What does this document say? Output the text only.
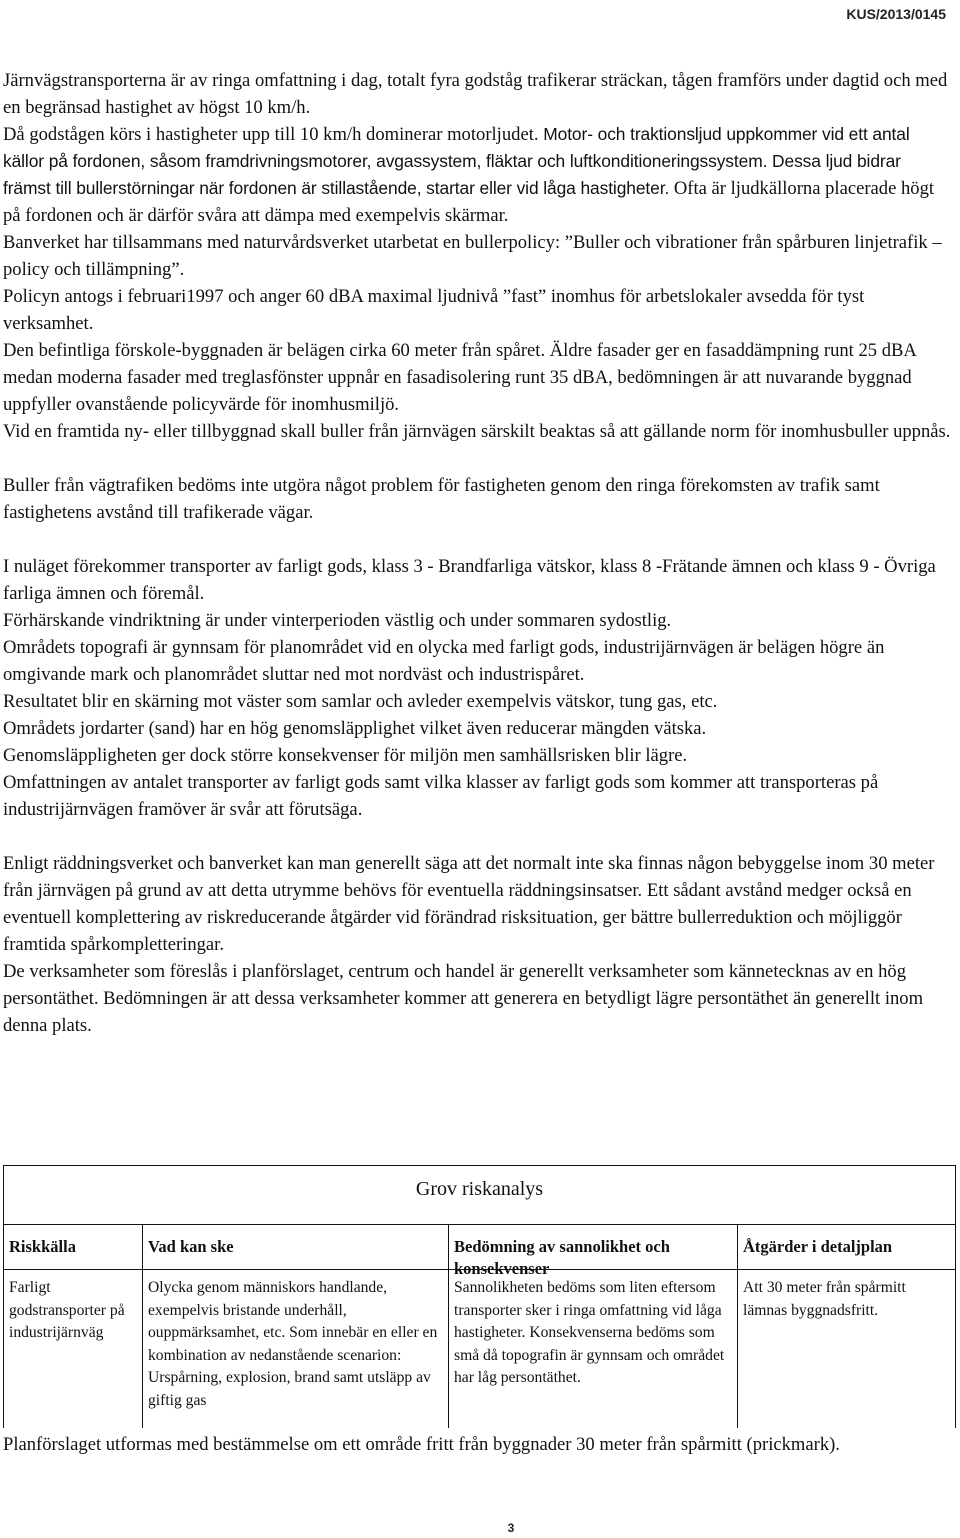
KUS/2013/0145

Järnvägstransporterna är av ringa omfattning i dag, totalt fyra godståg trafikerar sträckan, tågen framförs under dagtid och med en begränsad hastighet av högst 10 km/h.

Då godstågen körs i hastigheter upp till 10 km/h dominerar motorljudet. Motor- och traktionsljud uppkommer vid ett antal källor på fordonen, såsom framdrivningsmotorer, avgassystem, fläktar och luftkonditioneringssystem. Dessa ljud bidrar främst till bullerstörningar när fordonen är stillastående, startar eller vid låga hastigheter. Ofta är ljudkällorna placerade högt på fordonen och är därför svåra att dämpa med exempelvis skärmar.

Banverket har tillsammans med naturvårdsverket utarbetat en bullerpolicy: ”Buller och vibrationer från spårburen linjetrafik – policy och tillämpning”.

Policyn antogs i februari1997 och anger 60 dBA maximal ljudnivå ”fast” inomhus för arbetslokaler avsedda för tyst verksamhet.

Den befintliga förskole-byggnaden är belägen cirka 60 meter från spåret. Äldre fasader ger en fasaddämpning runt 25 dBA medan moderna fasader med treglasfönster uppnår en fasadisolering runt 35 dBA, bedömningen är att nuvarande byggnad uppfyller ovanstående policyvärde för inomhusmiljö.

Vid en framtida ny- eller tillbyggnad skall buller från järnvägen särskilt beaktas så att gällande norm för inomhusbuller uppnås.

Buller från vägtrafiken bedöms inte utgöra något problem för fastigheten genom den ringa förekomsten av trafik samt fastighetens avstånd till trafikerade vägar.

I nuläget förekommer transporter av farligt gods, klass 3 - Brandfarliga vätskor, klass 8 -Frätande ämnen och klass 9 - Övriga farliga ämnen och föremål.

Förhärskande vindriktning är under vinterperioden västlig och under sommaren sydostlig.

Områdets topografi är gynnsam för planområdet vid en olycka med farligt gods, industrijärnvägen är belägen högre än omgivande mark och planområdet sluttar ned mot nordväst och industrispåret.

Resultatet blir en skärning mot väster som samlar och avleder exempelvis vätskor, tung gas, etc.

Områdets jordarter (sand) har en hög genomsläpplighet vilket även reducerar mängden vätska.

Genomsläppligheten ger dock större konsekvenser för miljön men samhällsrisken blir lägre.

Omfattningen av antalet transporter av farligt gods samt vilka klasser av farligt gods som kommer att transporteras på industrijärnvägen framöver är svår att förutsäga.

Enligt räddningsverket och banverket kan man generellt säga att det normalt inte ska finnas någon bebyggelse inom 30 meter från järnvägen på grund av att detta utrymme behövs för eventuella räddningsinsatser. Ett sådant avstånd medger också en eventuell komplettering av riskreducerande åtgärder vid förändrad risksituation, ger bättre bullerreduktion och möjliggör framtida spårkompletteringar.

De verksamheter som föreslås i planförslaget, centrum och handel är generellt verksamheter som kännetecknas av en hög persontäthet. Bedömningen är att dessa verksamheter kommer att generera en betydligt lägre persontäthet än generellt inom denna plats.

Grov riskanalys
Riskkälla	Vad kan ske	Bedömning av sannolikhet och konsekvenser
Åtgärder i detaljplan
Farligt godstransporter på industrijärnväg
Olycka genom människors handlande, exempelvis bristande underhåll, ouppmärksamhet, etc. Som innebär en eller en kombination av nedanstående scenarion: Urspårning, explosion, brand samt utsläpp av giftig gas
Sannolikheten bedöms som liten eftersom transporter sker i ringa omfattning vid låga hastigheter. Konsekvenserna bedöms som små då topografin är gynnsam och området har låg persontäthet.
Att 30 meter från spårmitt lämnas byggnadsfritt.
Planförslaget utformas med bestämmelse om ett område fritt från byggnader 30 meter från spårmitt (prickmark).
3
